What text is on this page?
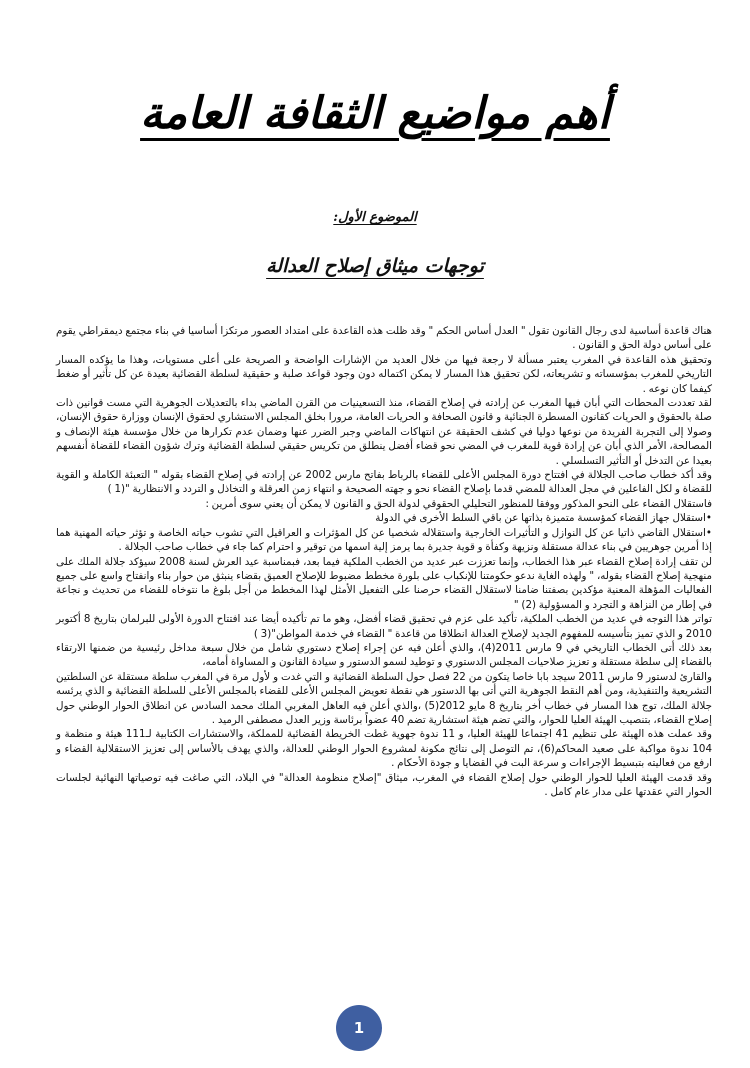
أهم مواضيع الثقافة العامة
الموضوع الأول:
توجهات ميثاق إصلاح العدالة

هناك قاعدة أساسية لدى رجال القانون تقول " العدل أساس الحكم " وقد ظلت هذه القاعدة على امتداد العصور مرتكزا أساسيا في بناء مجتمع ديمقراطي يقوم على أساس دولة الحق و القانون .

وتحقيق هذه القاعدة في المغرب يعتبر مسألة لا رجعة فيها من خلال العديد من الإشارات الواضحة و الصريحة على أعلى مستويات، وهذا ما يؤكده المسار التاريخي للمغرب بمؤسساته و تشريعاته، لكن تحقيق هذا المسار لا يمكن اكتماله دون وجود قواعد صلبة و حقيقية لسلطة القضائية بعيدة عن كل تأثير أو ضغط كيفما كان نوعه .

لقد تعددت المحطات التي أبان فيها المغرب عن إرادته في إصلاح القضاء، منذ التسعينيات من القرن الماضي بداء بالتعديلات الجوهرية التي مست قوانين ذات صلة بالحقوق و الحريات كقانون المسطرة الجنائية و قانون الصحافة و الحريات العامة، مرورا بخلق المجلس الاستشاري لحقوق الإنسان ووزارة حقوق الإنسان، وصولا إلى التجربة الفريدة من نوعها دوليا في كشف الحقيقة عن انتهاكات الماضي وجبر الضرر عنها وضمان عدم تكرارها من خلال مؤسسة هيئة الإنصاف و المصالحة، الأمر الذي أبان عن إرادة قوية للمغرب في المضي نحو قضاء أفضل ينطلق من تكريس حقيقي لسلطة القضائية وترك شؤون القضاء للقضاة أنفسهم بعيدا عن التدخل أو التأثير التسلسلي .

وقد أكد خطاب صاحب الجلالة في افتتاح دورة المجلس الأعلى للقضاء بالرباط بفاتح مارس 2002 عن إرادته في إصلاح القضاء بقوله " التعبئة الكاملة و القوية للقضاة و لكل الفاعلين في مجل العدالة للمضي قدما بإصلاح القضاء نحو و جهته الصحيحة و انتهاء زمن العرقلة و التخاذل و التردد و الانتظارية "(1 )

فاستقلال القضاء على النحو المذكور ووفقا للمنظور التحليلي الحقوقي لدولة الحق و القانون لا يمكن أن يعني سوى أمرين :

•استقلال جهاز القضاء كمؤسسة متميزة بذاتها عن باقي السلط الأخرى في الدولة

•استقلال القاضي ذاتيا عن كل النوازل و التأثيرات الخارجية واستقلاله شخصيا عن كل المؤثرات و العراقيل التي تشوب حياته الخاصة و تؤثر حياته المهنية هما إذا أمرين جوهريين في بناء عدالة مستقلة ونزيهة وكفأة و قوية جديرة بما يرمز إلية اسمها من توقير و احترام كما جاء في خطاب صاحب الجلالة .

لن تقف إرادة إصلاح القضاء عبر هذا الخطاب، وإنما تعززت عبر عديد من الخطب الملكية فيما بعد، فبمناسبة عيد العرش لسنة 2008 سيؤكد جلالة الملك على منهجية إصلاح القضاء بقوله، " ولهذه الغاية ندعو حكومتنا للإنكباب على بلورة مخطط مضبوط للإصلاح العميق بقضاء ينبثق من حوار بناء وانفتاح واسع على جميع الفعاليات المؤهلة المعنية مؤكدين بصفتنا ضامنا لاستقلال القضاء حرصنا على التفعيل الأمثل لهذا المخطط من أجل بلوغ ما نتوخاه للقضاء من تحديث و نجاعة في إطار من النزاهة و التجرد و المسؤولية (2) "

تواتر هذا التوجه في عديد من الخطب الملكية، تأكيد على عزم في تحقيق قضاء أفضل، وهو ما تم تأكيده أيضا عند افتتاح الدورة الأولى للبرلمان بتاريخ 8 أكتوبر 2010 و الذي تميز بتأسيسه للمفهوم الجديد لإصلاح العدالة انطلاقا من قاعدة " القضاء في خدمة المواطن"(3 )

بعد ذلك أتى الخطاب التاريخي في 9 مارس 2011(4)، والذي أعلن فيه عن إجراء إصلاح دستوري شامل من خلال سبعة مداخل رئيسية من ضمنها الارتقاء بالقضاء إلى سلطة مستقلة و تعزيز صلاحيات المجلس الدستوري و توطيد لسمو الدستور و سيادة القانون و المساواة أمامه،

والقارئ لدستور 9 مارس 2011 سيجد بابا خاصا يتكون من 22 فصل حول السلطة القضائية و التي غدت و لأول مرة في المغرب سلطة مستقلة عن السلطتين التشريعية والتنفيذية، ومن أهم النقط الجوهرية التي أتى بها الدستور هي نقطة تعويض المجلس الأعلى للقضاء بالمجلس الأعلى للسلطة القضائية و الذي يرئسه جلالة الملك، توج هذا المسار في خطاب أخر بتاريخ 8 مايو 2012(5) ،والذي أعلن فيه العاهل المغربي الملك محمد السادس عن انطلاق الحوار الوطني حول إصلاح القضاء، بتنصيب الهيئة العليا للحوار، والتي تضم هيئة استشارية تضم 40 عضواً برئاسة وزير العدل مصطفى الرميد .

وقد عملت هذه الهيئة على تنظيم 41 اجتماعا للهيئة العليا، و 11 ندوة جهوية غطت الخريطة القضائية للمملكة، والاستشارات الكتابية لـ111 هيئة و منظمة و 104 ندوة مواكبة على صعيد المحاكم(6)، تم التوصل إلى نتائج مكونة لمشروع الحوار الوطني للعدالة، والذي يهدف بالأساس إلى تعزيز الاستقلالية القضاء و ارفع من فعاليته بتبسيط الإجراءات و سرعة البت في القضايا و جودة الأحكام .

وقد قدمت الهيئة العليا للحوار الوطني حول إصلاح القضاء في المغرب، ميثاق "إصلاح منظومة العدالة" في البلاد، التي صاغت فيه توصياتها النهائية لجلسات الحوار التي عقدتها على مدار عام كامل .

1
